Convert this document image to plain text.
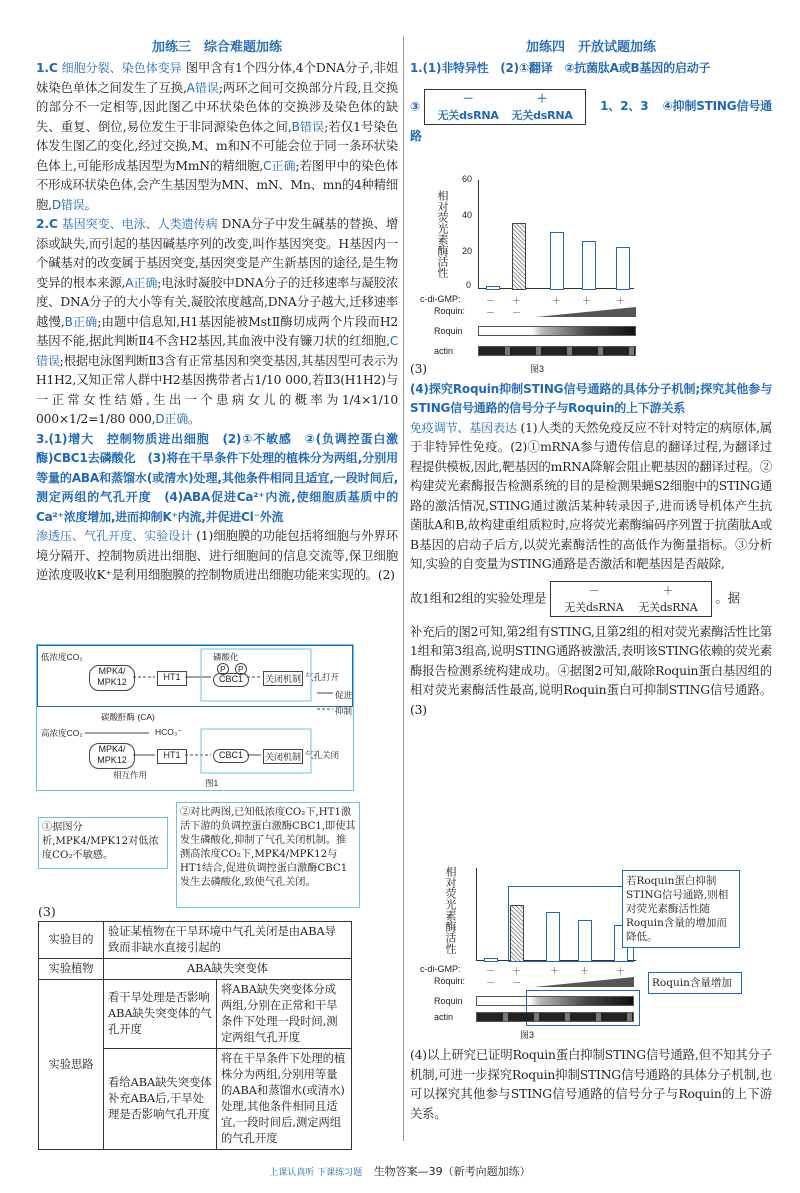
加练三　综合难题加练

1.C 细胞分裂、染色体变异 图甲含有1个四分体,4个DNA分子,非姐妹染色单体之间发生了互换,A错误;两环之间可交换部分片段,且交换的部分不一定相等,因此图乙中环状染色体的交换涉及染色体的缺失、重复、倒位,易位发生于非同源染色体之间,B错误;若仅1号染色体发生图乙的变化,经过交换,M、m和N不可能会位于同一条环状染色体上,可能形成基因型为MmN的精细胞,C正确;若图甲中的染色体不形成环状染色体,会产生基因型为MN、mN、Mn、mn的4种精细胞,D错误。

2.C 基因突变、电泳、人类遗传病 DNA分子中发生碱基的替换、增添或缺失,而引起的基因碱基序列的改变,叫作基因突变。H基因内一个碱基对的改变属于基因突变,基因突变是产生新基因的途径,是生物变异的根本来源,A正确;电泳时凝胶中DNA分子的迁移速率与凝胶浓度、DNA分子的大小等有关,凝胶浓度越高,DNA分子越大,迁移速率越慢,B正确;由题中信息知,H1基因能被MstⅡ酶切成两个片段而H2基因不能,据此判断Ⅱ4不含H2基因,其血液中没有镰刀状的红细胞,C错误;根据电泳图判断Ⅱ3含有正常基因和突变基因,其基因型可表示为H1H2,又知正常人群中H2基因携带者占1/10 000,若Ⅱ3(H1H2)与一正常女性结婚,生出一个患病女儿的概率为1/4×1/10 000×1/2=1/80 000,D正确。

3.(1)增大　控制物质进出细胞　(2)①不敏感　②(负调控蛋白激酶)CBC1去磷酸化　(3)将在干旱条件下处理的植株分为两组,分别用等量的ABA和蒸馏水(或清水)处理,其他条件相同且适宜,一段时间后,测定两组的气孔开度　(4)ABA促进Ca²⁺内流,使细胞质基质中的Ca²⁺浓度增加,进而抑制K⁺内流,并促进Cl⁻外流

渗透压、气孔开度、实验设计 (1)细胞膜的功能包括将细胞与外界环境分隔开、控制物质进出细胞、进行细胞间的信息交流等,保卫细胞逆浓度吸收K⁺是利用细胞膜的控制物质进出细胞功能来实现的。(2)

低浓度CO₂
MPK4/ MPK12	HT1
磷酸化
P	P
CBC1	关闭机制 气孔打开
促进
碳酸酐酶 (CA)
高浓度CO₂	HCO₃⁻
MPK4/ MPK12	HT1	CBC1	关闭机制 气孔关闭
抑制
相互作用
图1
①据图分析,MPK4/MPK12对低浓度CO₂不敏感。
②对比两图,已知低浓度CO₂下,HT1激活下游的负调控蛋白激酶CBC1,即使其发生磷酸化,抑制了气孔关闭机制。推测高浓度CO₂下,MPK4/MPK12与HT1结合,促进负调控蛋白激酶CBC1发生去磷酸化,致使气孔关闭。
(3)
实验目的	验证某植物在干旱环境中气孔关闭是由ABA导致而非缺水直接引起的	
实验植物	ABA缺失突变体	
实验思路	看干旱处理是否影响ABA缺失突变体的气孔开度	将ABA缺失突变体分成两组,分别在正常和干旱条件下处理一段时间,测定两组气孔开度
	看给ABA缺失突变体补充ABA后,干旱处理是否影响气孔开度	将在干旱条件下处理的植株分为两组,分别用等量的ABA和蒸馏水(或清水)处理,其他条件相同且适宜,一段时间后,测定两组的气孔开度
加练四　开放试题加练

1.(1)非特异性　(2)①翻译　②抗菌肽A或B基因的启动子

③ －	＋
无关dsRNA 无关dsRNA 1、2、3 ④抑制STING信号通路

相对荧光素酶活性
60
40
20
0
c-di-GMP:	－ ＋	＋ ＋	＋
Roquin: － －
Roquin
actin
图3

(3)

(4)探究Roquin抑制STING信号通路的具体分子机制;探究其他参与STING信号通路的信号分子与Roquin的上下游关系

免疫调节、基因表达 (1)人类的天然免疫反应不针对特定的病原体,属于非特异性免疫。(2)①mRNA参与遗传信息的翻译过程,为翻译过程提供模板,因此,靶基因的mRNA降解会阻止靶基因的翻译过程。②构建荧光素酶报告检测系统的目的是检测果蝇S2细胞中的STING通路的激活情况,STING通过激活某种转录因子,进而诱导机体产生抗菌肽A和B,故构建重组质粒时,应将荧光素酶编码序列置于抗菌肽A或B基因的启动子后方,以荧光素酶活性的高低作为衡量指标。③分析知,实验的自变量为STING通路是否激活和靶基因是否敲除,

故1组和2组的实验处理是 －	＋
无关dsRNA 无关dsRNA 。据

补充后的图2可知,第2组有STING,且第2组的相对荧光素酶活性比第1组和第3组高,说明STING通路被激活,表明该STING依赖的荧光素酶报告检测系统构建成功。④据图2可知,敲除Roquin蛋白基因组的相对荧光素酶活性最高,说明Roquin蛋白可抑制STING信号通路。(3)

相对荧光素酶活性	若Roquin蛋白抑制STING信号通路,则相对荧光素酶活性随Roquin含量的增加而降低。
c-di-GMP:	－ ＋	＋ ＋	＋
Roquin: － －	Roquin含量增加
Roquin
actin
图3

(4)以上研究已证明Roquin蛋白抑制STING信号通路,但不知其分子机制,可进一步探究Roquin抑制STING信号通路的具体分子机制,也可以探究其他参与STING信号通路的信号分子与Roquin的上下游关系。

上课认真听 下课练习题 生物答案—39（新考向题加练）
